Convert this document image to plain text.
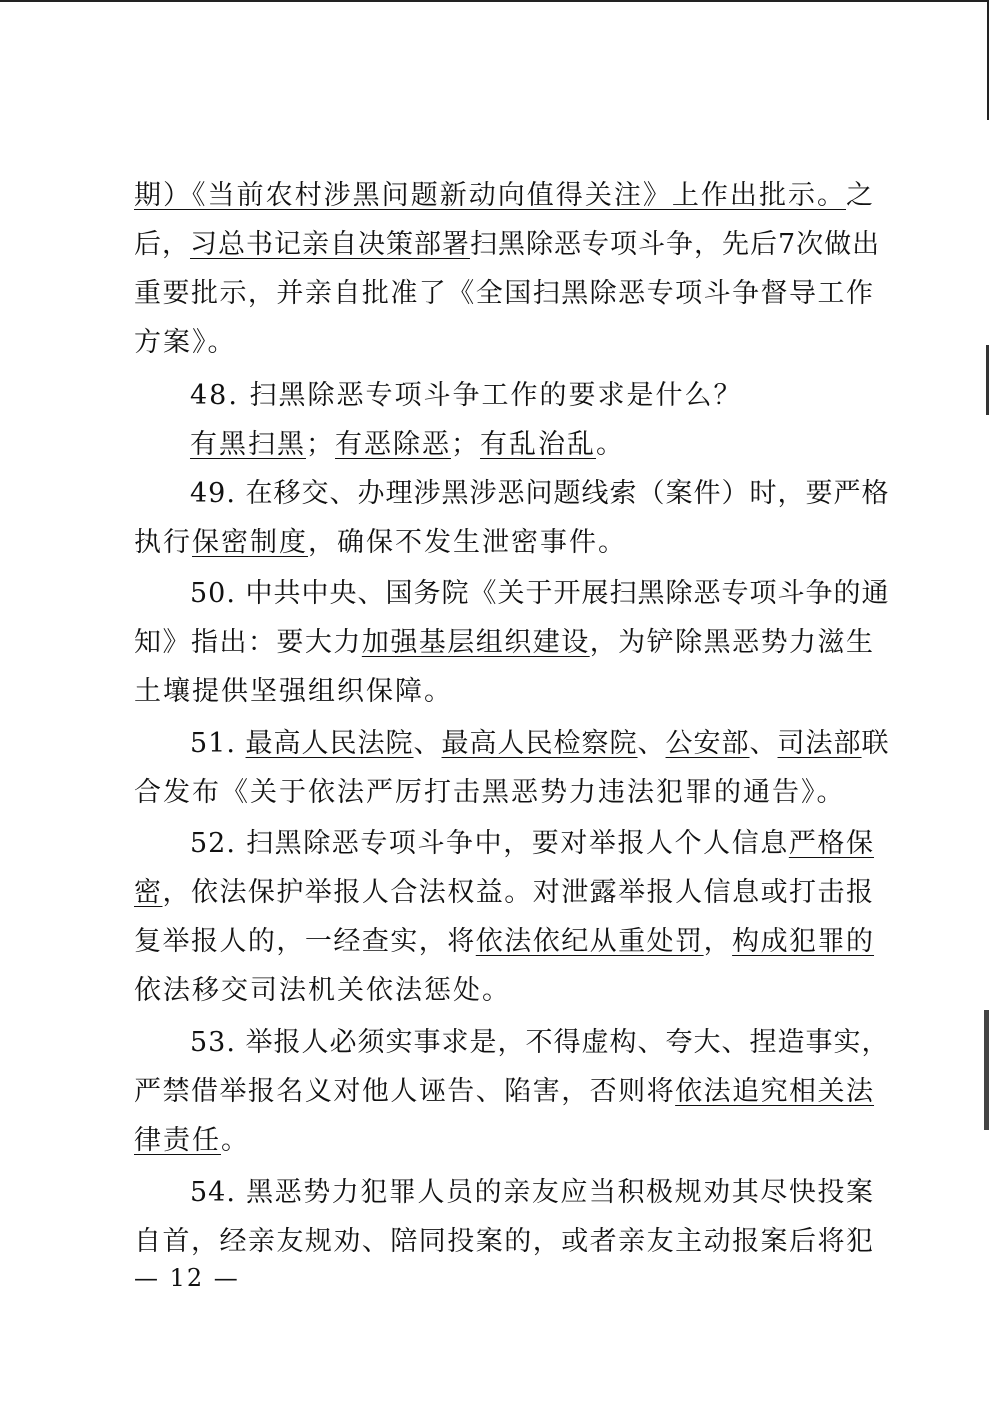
期）《当前农村涉黑问题新动向值得关注》上作出批示。之
后，习总书记亲自决策部署扫黑除恶专项斗争，先后7次做出
重要批示，并亲自批准了《全国扫黑除恶专项斗争督导工作
方案》。
48. 扫黑除恶专项斗争工作的要求是什么？
有黑扫黑；有恶除恶；有乱治乱。
49. 在移交、办理涉黑涉恶问题线索（案件）时，要严格
执行保密制度，确保不发生泄密事件。
50. 中共中央、国务院《关于开展扫黑除恶专项斗争的通
知》指出：要大力加强基层组织建设，为铲除黑恶势力滋生
土壤提供坚强组织保障。
51. 最高人民法院、最高人民检察院、公安部、司法部联
合发布《关于依法严厉打击黑恶势力违法犯罪的通告》。
52. 扫黑除恶专项斗争中，要对举报人个人信息严格保
密，依法保护举报人合法权益。对泄露举报人信息或打击报
复举报人的，一经查实，将依法依纪从重处罚，构成犯罪的
依法移交司法机关依法惩处。
53. 举报人必须实事求是，不得虚构、夸大、捏造事实，
严禁借举报名义对他人诬告、陷害，否则将依法追究相关法
律责任。
54. 黑恶势力犯罪人员的亲友应当积极规劝其尽快投案
自首，经亲友规劝、陪同投案的，或者亲友主动报案后将犯
— 12 —
